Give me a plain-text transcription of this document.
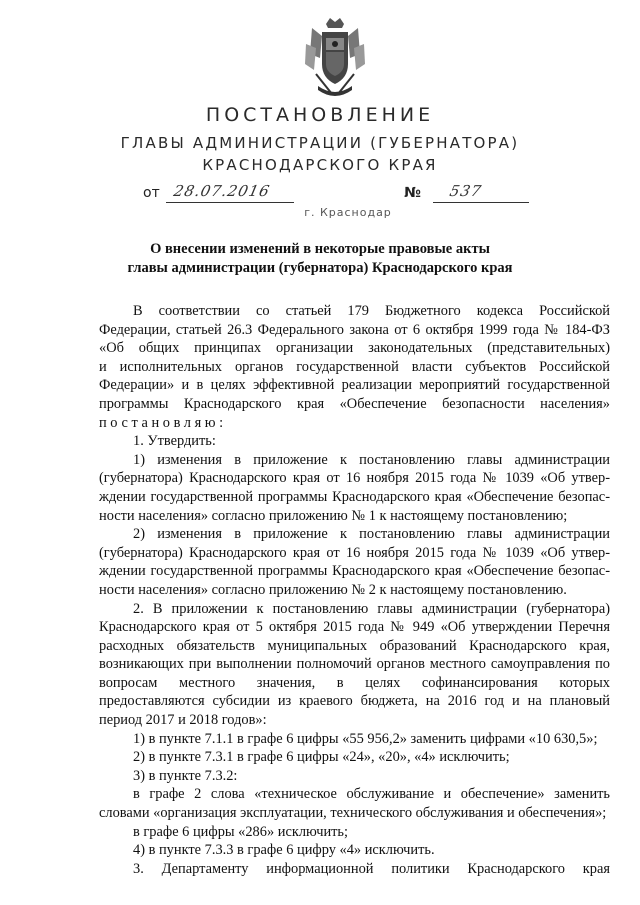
ПОСТАНОВЛЕНИЕ
ГЛАВЫ АДМИНИСТРАЦИИ (ГУБЕРНАТОРА)
КРАСНОДАРСКОГО КРАЯ
от 28.07.2016	№ 537
г. Краснодар
О внесении изменений в некоторые правовые акты
главы администрации (губернатора) Краснодарского края

В соответствии со статьей 179 Бюджетного кодекса Российской

Федерации, статьей 26.3 Федерального закона от 6 октября 1999 года № 184-ФЗ

«Об общих принципах организации законодательных (представительных)

и исполнительных органов государственной власти субъектов Российской

Федерации» и в целях эффективной реализации мероприятий государственной

программы Краснодарского края «Обеспечение безопасности населения»

постановляю:

1. Утвердить:

1) изменения в приложение к постановлению главы администрации

(губернатора) Краснодарского края от 16 ноября 2015 года № 1039 «Об утвер-

ждении государственной программы Краснодарского края «Обеспечение безопас-

ности населения» согласно приложению № 1 к настоящему постановлению;

2) изменения в приложение к постановлению главы администрации

(губернатора) Краснодарского края от 16 ноября 2015 года № 1039 «Об утвер-

ждении государственной программы Краснодарского края «Обеспечение безопас-

ности населения» согласно приложению № 2 к настоящему постановлению.

2. В приложении к постановлению главы администрации (губернатора)

Краснодарского края от 5 октября 2015 года № 949 «Об утверждении Перечня

расходных обязательств муниципальных образований Краснодарского края,

возникающих при выполнении полномочий органов местного самоуправления по

вопросам местного значения, в целях софинансирования которых

предоставляются субсидии из краевого бюджета, на 2016 год и на плановый

период 2017 и 2018 годов»:

1) в пункте 7.1.1 в графе 6 цифры «55 956,2» заменить цифрами «10 630,5»;

2) в пункте 7.3.1 в графе 6 цифры «24», «20», «4» исключить;

3) в пункте 7.3.2:

в графе 2 слова «техническое обслуживание и обеспечение» заменить

словами «организация эксплуатации, технического обслуживания и обеспечения»;

в графе 6 цифры «286» исключить;

4) в пункте 7.3.3 в графе 6 цифру «4» исключить.

3. Департаменту информационной политики Краснодарского края
